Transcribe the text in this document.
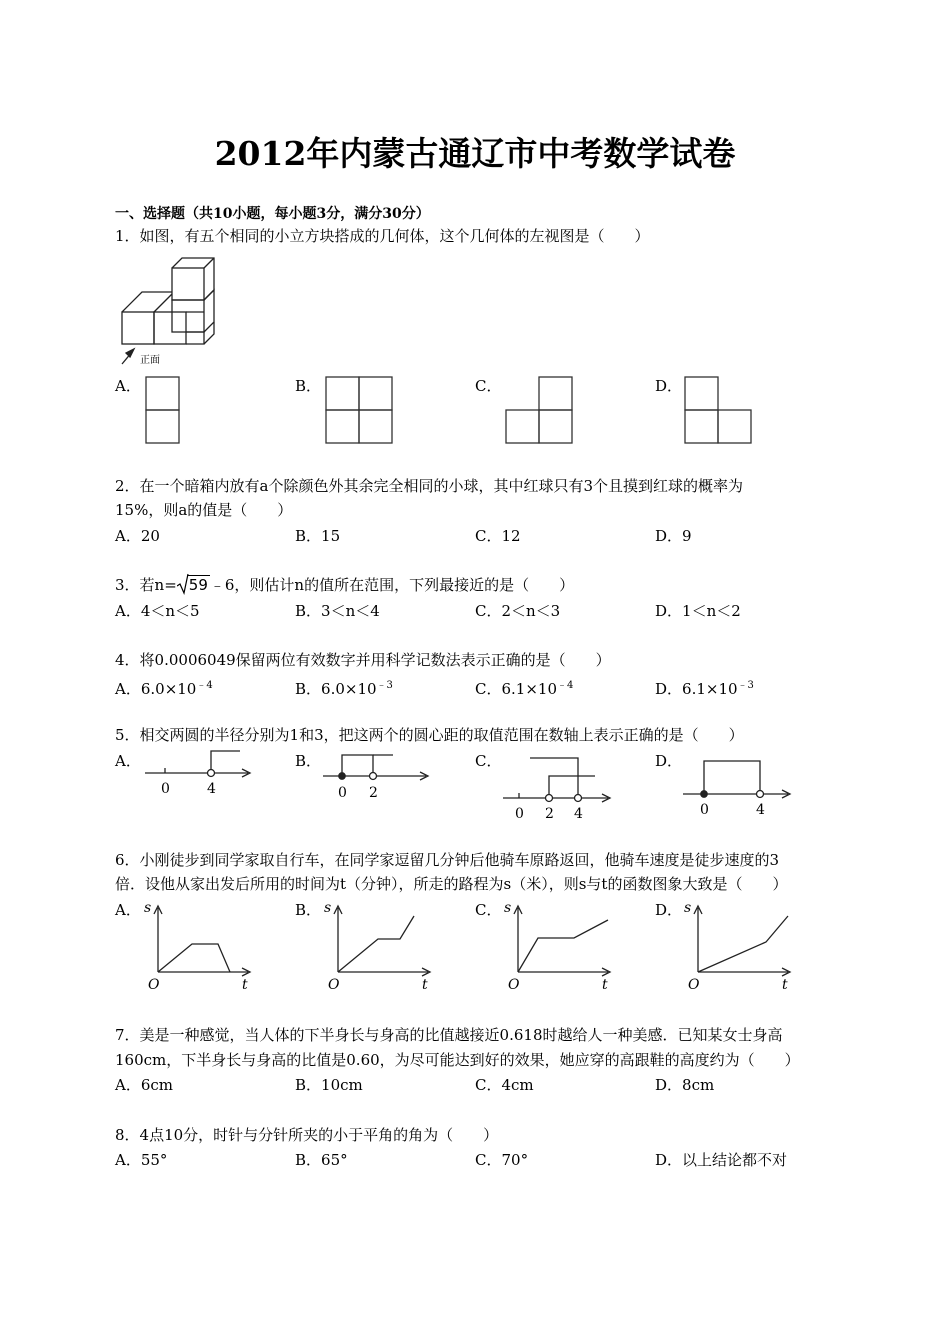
2012年内蒙古通辽市中考数学试卷
一、选择题（共10小题，每小题3分，满分30分）
1．如图，有五个相同的小立方块搭成的几何体，这个几何体的左视图是（　　）
正面
A．	B．	C．	D．
2．在一个暗箱内放有a个除颜色外其余完全相同的小球，其中红球只有3个且摸到红球的概率为
15%，则a的值是（　　）
A．20	B．15	C．12	D．9
3．若n= 59 ﹣6，则估计n的值所在范围，下列最接近的是（　　）
A．4＜n＜5	B．3＜n＜4	C．2＜n＜3	D．1＜n＜2
4．将0.0006049保留两位有效数字并用科学记数法表示正确的是（　　）
A．$6.0\times 10^{﹣4}$	B．$6.0\times 10^{﹣3}$	C．$6.1\times 10^{﹣4}$	D．$6.1\times 10^{﹣3}$
5．相交两圆的半径分别为1和3，把这两个的圆心距的取值范围在数轴上表示正确的是（　　）
A．
0	4
B．
0 2
C．
0 2 4
D．
0	4
6．小刚徒步到同学家取自行车，在同学家逗留几分钟后他骑车原路返回，他骑车速度是徒步速度的3
倍．设他从家出发后所用的时间为t（分钟），所走的路程为s（米），则s与t的函数图象大致是（　　）
A． s
O	t
B． s
O	t
C． s
O	t
D． s
O	t
7．美是一种感觉，当人体的下半身长与身高的比值越接近0.618时越给人一种美感．已知某女士身高
160cm，下半身长与身高的比值是0.60，为尽可能达到好的效果，她应穿的高跟鞋的高度约为（　　）
A．6cm	B．10cm	C．4cm	D．8cm
8．4点10分，时针与分针所夹的小于平角的角为（　　）
A．55°	B．65°	C．70°	D．以上结论都不对
